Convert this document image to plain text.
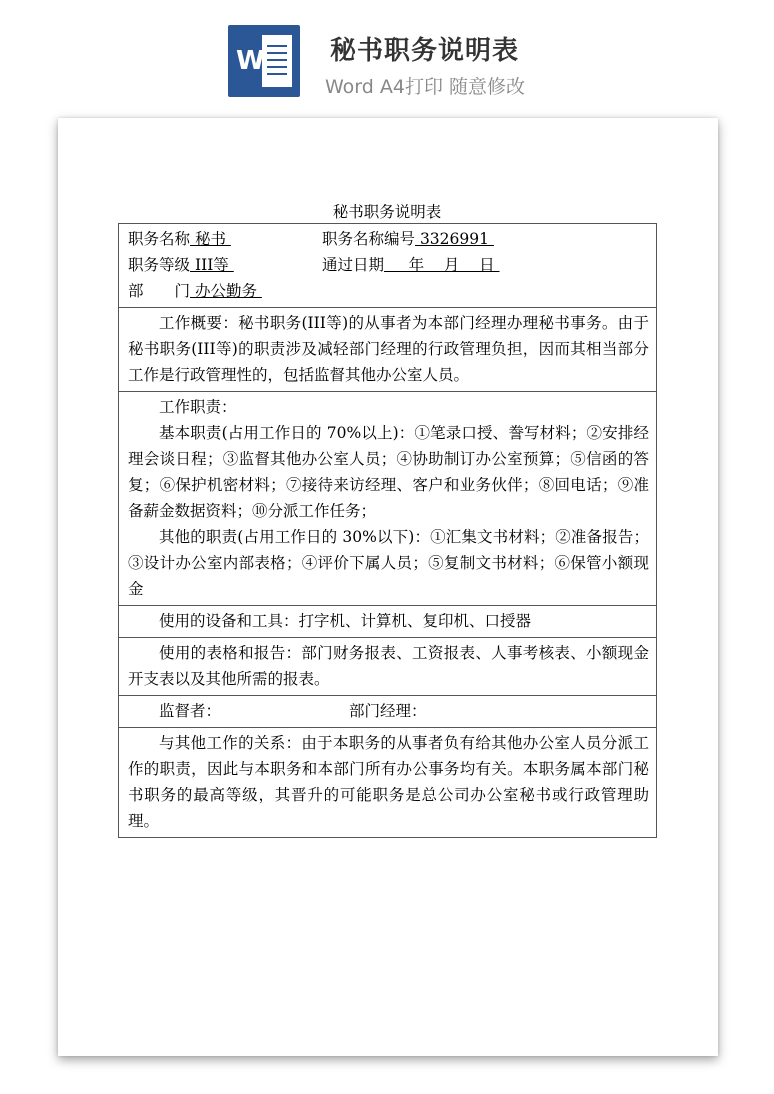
W	秘书职务说明表
Word A4打印 随意修改
秘书职务说明表
职务名称 秘书	职务名称编号 3326991
职务等级 III等	通过日期     年    月    日
部　　门 办公勤务

工作概要：秘书职务(III等)的从事者为本部门经理办理秘书事务。由于秘书职务(III等)的职责涉及减轻部门经理的行政管理负担，因而其相当部分工作是行政管理性的，包括监督其他办公室人员。

工作职责：

基本职责(占用工作日的 70%以上)：①笔录口授、誊写材料；②安排经理会谈日程；③监督其他办公室人员；④协助制订办公室预算；⑤信函的答复；⑥保护机密材料；⑦接待来访经理、客户和业务伙伴；⑧回电话；⑨准备薪金数据资料；⑩分派工作任务；

其他的职责(占用工作日的 30%以下)：①汇集文书材料；②准备报告；③设计办公室内部表格；④评价下属人员；⑤复制文书材料；⑥保管小额现金

使用的设备和工具：打字机、计算机、复印机、口授器

使用的表格和报告：部门财务报表、工资报表、人事考核表、小额现金开支表以及其他所需的报表。

监督者：	部门经理：

与其他工作的关系：由于本职务的从事者负有给其他办公室人员分派工作的职责，因此与本职务和本部门所有办公事务均有关。本职务属本部门秘书职务的最高等级，其晋升的可能职务是总公司办公室秘书或行政管理助理。
